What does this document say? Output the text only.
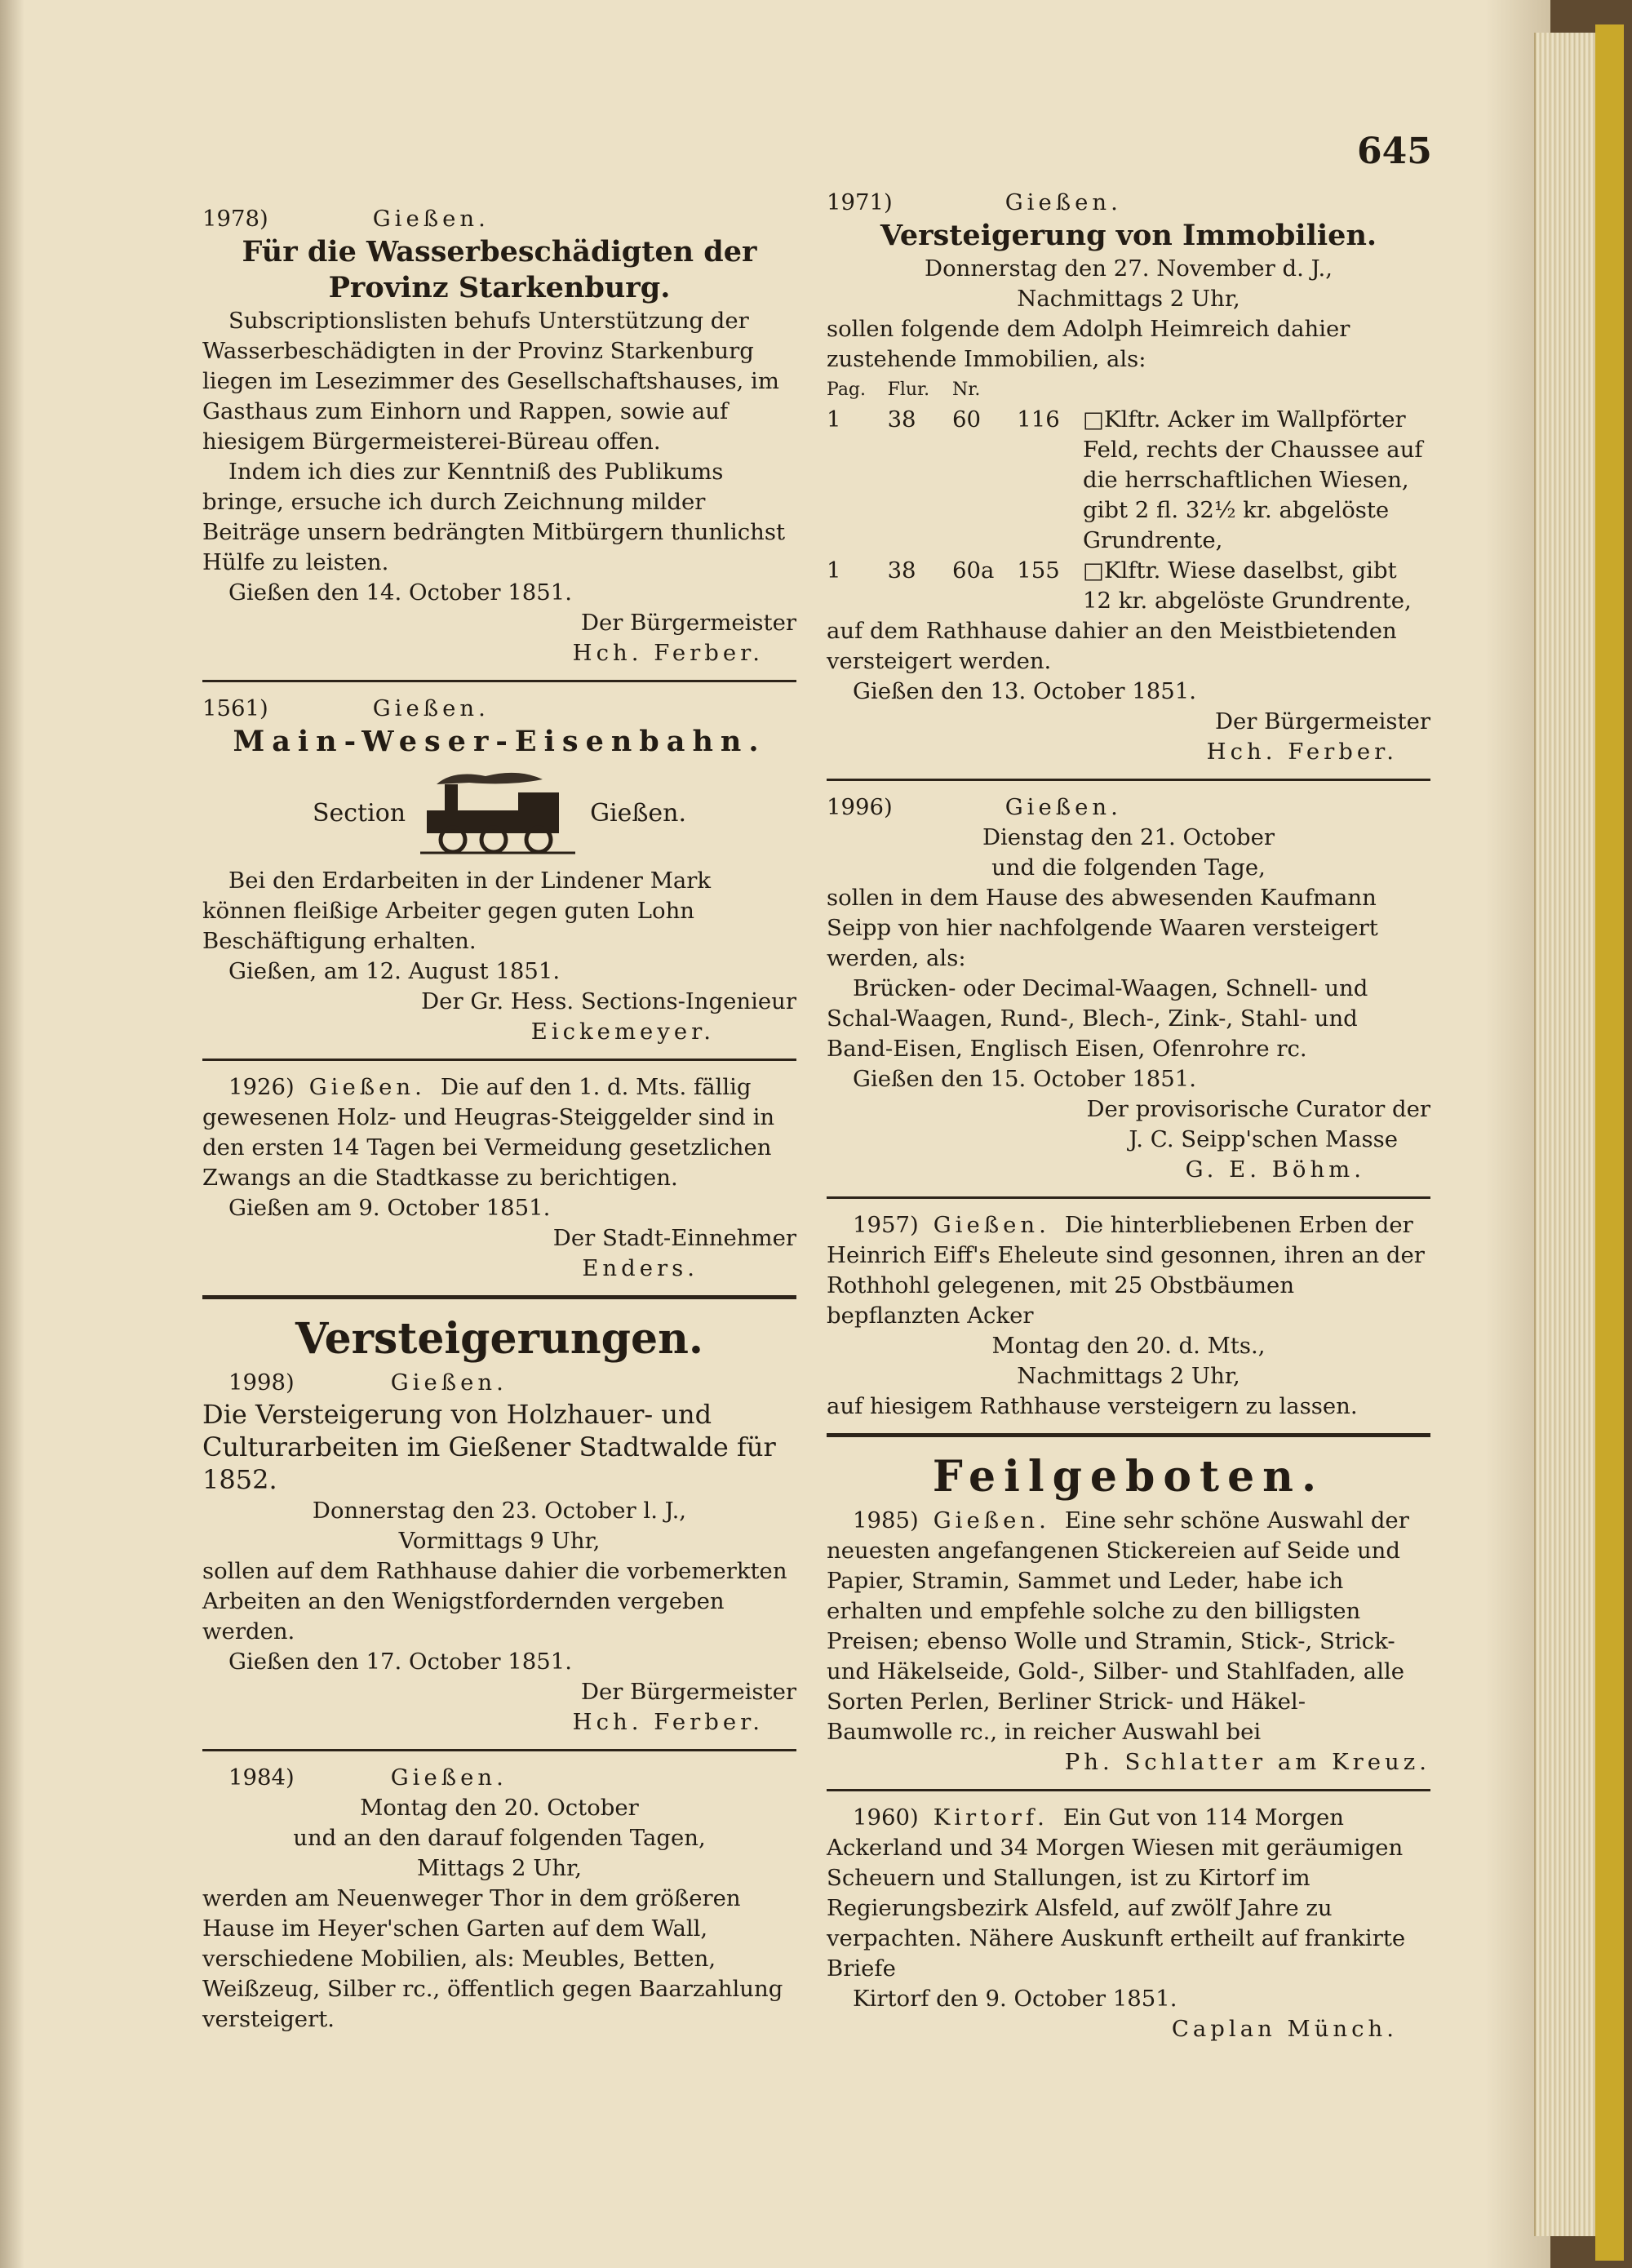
645

1978)	Gießen.

Für die Wasserbeschädigten der Provinz Starkenburg.

Subscriptionslisten behufs Unterstützung der Wasserbeschädigten in der Provinz Starkenburg liegen im Lesezimmer des Gesellschaftshauses, im Gasthaus zum Einhorn und Rappen, sowie auf hiesigem Bürgermeisterei-Büreau offen.

Indem ich dies zur Kenntniß des Publikums bringe, ersuche ich durch Zeichnung milder Beiträge unsern bedrängten Mitbürgern thunlichst Hülfe zu leisten.

Gießen den 14. October 1851.

Der Bürgermeister

Hch. Ferber.

1561)	Gießen.

Main-Weser-Eisenbahn.
Section	Gießen.

Bei den Erdarbeiten in der Lindener Mark können fleißige Arbeiter gegen guten Lohn Beschäftigung erhalten.

Gießen, am 12. August 1851.

Der Gr. Hess. Sections-Ingenieur

Eickemeyer.

1926) Gießen. Die auf den 1. d. Mts. fällig gewesenen Holz- und Heugras-Steiggelder sind in den ersten 14 Tagen bei Vermeidung gesetzlichen Zwangs an die Stadtkasse zu berichtigen.

Gießen am 9. October 1851.

Der Stadt-Einnehmer

Enders.

Versteigerungen.

1998)	Gießen.

Die Versteigerung von Holzhauer- und Culturarbeiten im Gießener Stadtwalde für 1852.

Donnerstag den 23. October l. J.,

Vormittags 9 Uhr,

sollen auf dem Rathhause dahier die vorbemerkten Arbeiten an den Wenigstfordernden vergeben werden.

Gießen den 17. October 1851.

Der Bürgermeister

Hch. Ferber.

1984)	Gießen.

Montag den 20. October

und an den darauf folgenden Tagen,

Mittags 2 Uhr,

werden am Neuenweger Thor in dem größeren Hause im Heyer'schen Garten auf dem Wall, verschiedene Mobilien, als: Meubles, Betten, Weißzeug, Silber rc., öffentlich gegen Baarzahlung versteigert.

1971)	Gießen.

Versteigerung von Immobilien.

Donnerstag den 27. November d. J.,

Nachmittags 2 Uhr,

sollen folgende dem Adolph Heimreich dahier zustehende Immobilien, als:

Pag.	Flur.	Nr.		
1	38	60	116	□Klftr. Acker im Wallpförter Feld, rechts der Chaussee auf die herrschaftlichen Wiesen, gibt 2 fl. 32½ kr. abgelöste Grundrente,
1	38	60a	155	□Klftr. Wiese daselbst, gibt 12 kr. abgelöste Grundrente,

auf dem Rathhause dahier an den Meistbietenden versteigert werden.

Gießen den 13. October 1851.

Der Bürgermeister

Hch. Ferber.

1996)	Gießen.

Dienstag den 21. October

und die folgenden Tage,

sollen in dem Hause des abwesenden Kaufmann Seipp von hier nachfolgende Waaren versteigert werden, als:

Brücken- oder Decimal-Waagen, Schnell- und Schal-Waagen, Rund-, Blech-, Zink-, Stahl- und Band-Eisen, Englisch Eisen, Ofenrohre rc.

Gießen den 15. October 1851.

Der provisorische Curator der

J. C. Seipp'schen Masse

G. E. Böhm.

1957) Gießen. Die hinterbliebenen Erben der Heinrich Eiff's Eheleute sind gesonnen, ihren an der Rothhohl gelegenen, mit 25 Obstbäumen bepflanzten Acker

Montag den 20. d. Mts.,

Nachmittags 2 Uhr,

auf hiesigem Rathhause versteigern zu lassen.

Feilgeboten.

1985) Gießen. Eine sehr schöne Auswahl der neuesten angefangenen Stickereien auf Seide und Papier, Stramin, Sammet und Leder, habe ich erhalten und empfehle solche zu den billigsten Preisen; ebenso Wolle und Stramin, Stick-, Strick- und Häkelseide, Gold-, Silber- und Stahlfaden, alle Sorten Perlen, Berliner Strick- und Häkel-Baumwolle rc., in reicher Auswahl bei

Ph. Schlatter am Kreuz.

1960) Kirtorf. Ein Gut von 114 Morgen Ackerland und 34 Morgen Wiesen mit geräumigen Scheuern und Stallungen, ist zu Kirtorf im Regierungsbezirk Alsfeld, auf zwölf Jahre zu verpachten. Nähere Auskunft ertheilt auf frankirte Briefe

Kirtorf den 9. October 1851.

Caplan Münch.
